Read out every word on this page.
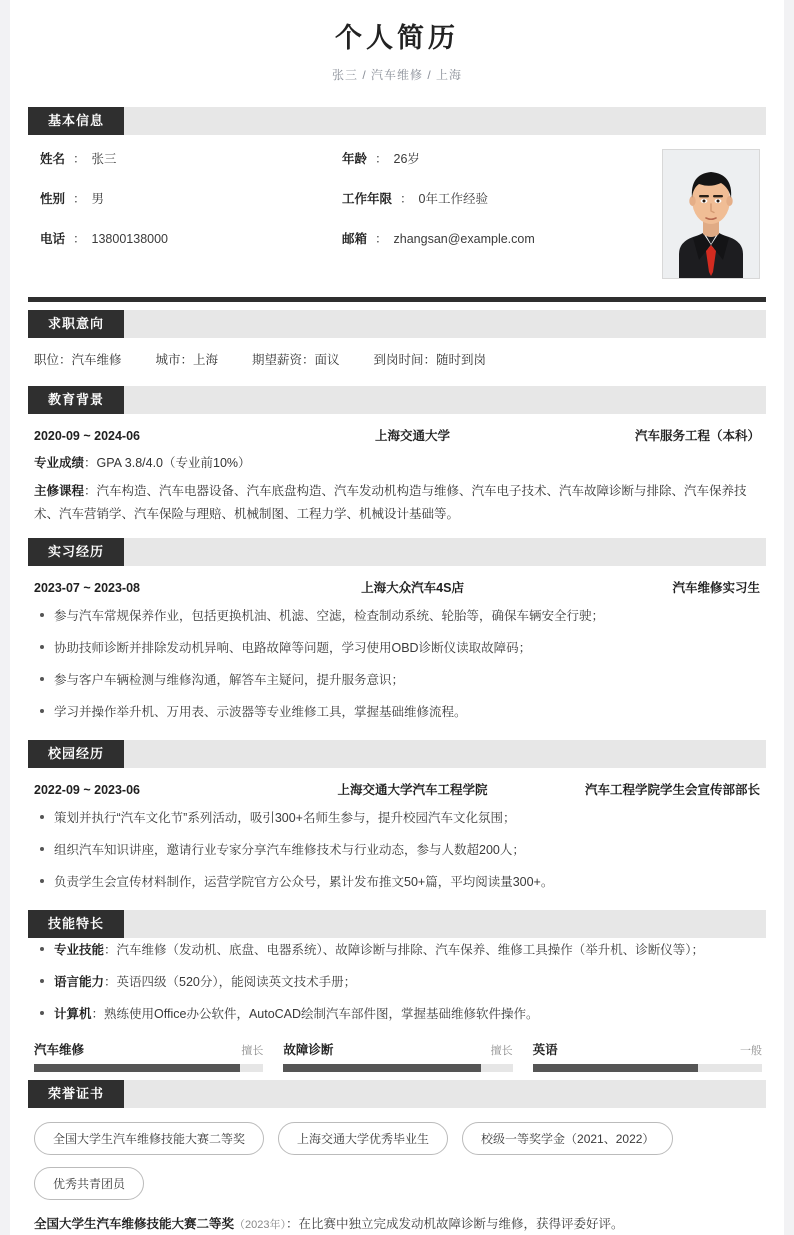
个人简历

张三 / 汽车维修 / 上海

基本信息
姓名 ： 张三	年龄 ： 26岁
性别 ： 男	工作年限 ： 0年工作经验
电话 ： 13800138000	邮箱 ： zhangsan@example.com
求职意向
职位：汽车维修	城市：上海	期望薪资：面议	到岗时间：随时到岗
教育背景
2020-09 ~ 2024-06	上海交通大学	汽车服务工程（本科）
专业成绩：GPA 3.8/4.0（专业前10%）
主修课程：汽车构造、汽车电器设备、汽车底盘构造、汽车发动机构造与维修、汽车电子技术、汽车故障诊断与排除、汽车保养技术、汽车营销学、汽车保险与理赔、机械制图、工程力学、机械设计基础等。
实习经历
2023-07 ~ 2023-08	上海大众汽车4S店	汽车维修实习生
参与汽车常规保养作业，包括更换机油、机滤、空滤，检查制动系统、轮胎等，确保车辆安全行驶；
协助技师诊断并排除发动机异响、电路故障等问题，学习使用OBD诊断仪读取故障码；
参与客户车辆检测与维修沟通，解答车主疑问，提升服务意识；
学习并操作举升机、万用表、示波器等专业维修工具，掌握基础维修流程。
校园经历
2022-09 ~ 2023-06	上海交通大学汽车工程学院	汽车工程学院学生会宣传部部长
策划并执行“汽车文化节”系列活动，吸引300+名师生参与，提升校园汽车文化氛围；
组织汽车知识讲座，邀请行业专家分享汽车维修技术与行业动态，参与人数超200人；
负责学生会宣传材料制作，运营学院官方公众号，累计发布推文50+篇，平均阅读量300+。
技能特长
专业技能：汽车维修（发动机、底盘、电器系统）、故障诊断与排除、汽车保养、维修工具操作（举升机、诊断仪等）；
语言能力：英语四级（520分），能阅读英文技术手册；
计算机：熟练使用Office办公软件，AutoCAD绘制汽车部件图，掌握基础维修软件操作。
汽车维修	擅长 故障诊断	擅长 英语	一般
荣誉证书
全国大学生汽车维修技能大赛二等奖	上海交通大学优秀毕业生	校级一等奖学金（2021、2022）
优秀共青团员
全国大学生汽车维修技能大赛二等奖（2023年）：在比赛中独立完成发动机故障诊断与维修，获得评委好评。
